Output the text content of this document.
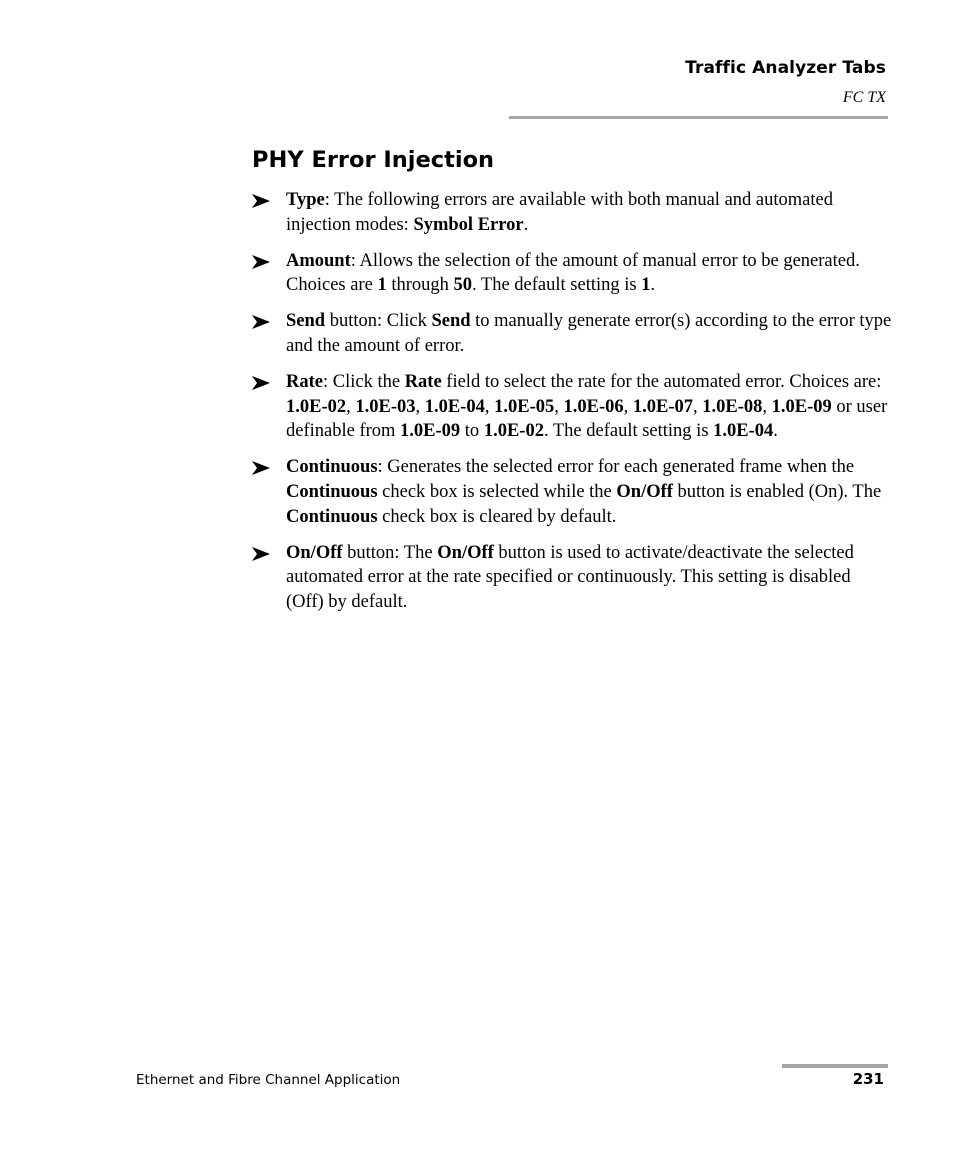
Traffic Analyzer Tabs
FC TX
PHY Error Injection
Type: The following errors are available with both manual and automated injection modes: Symbol Error.
Amount: Allows the selection of the amount of manual error to be generated. Choices are 1 through 50. The default setting is 1.
Send button: Click Send to manually generate error(s) according to the error type and the amount of error.
Rate: Click the Rate field to select the rate for the automated error. Choices are: 1.0E-02, 1.0E-03, 1.0E-04, 1.0E-05, 1.0E-06, 1.0E-07, 1.0E-08, 1.0E-09 or user definable from 1.0E-09 to 1.0E-02. The default setting is 1.0E-04.
Continuous: Generates the selected error for each generated frame when the Continuous check box is selected while the On/Off button is enabled (On). The Continuous check box is cleared by default.
On/Off button: The On/Off button is used to activate/deactivate the selected automated error at the rate specified or continuously. This setting is disabled (Off) by default.
Ethernet and Fibre Channel Application	231
